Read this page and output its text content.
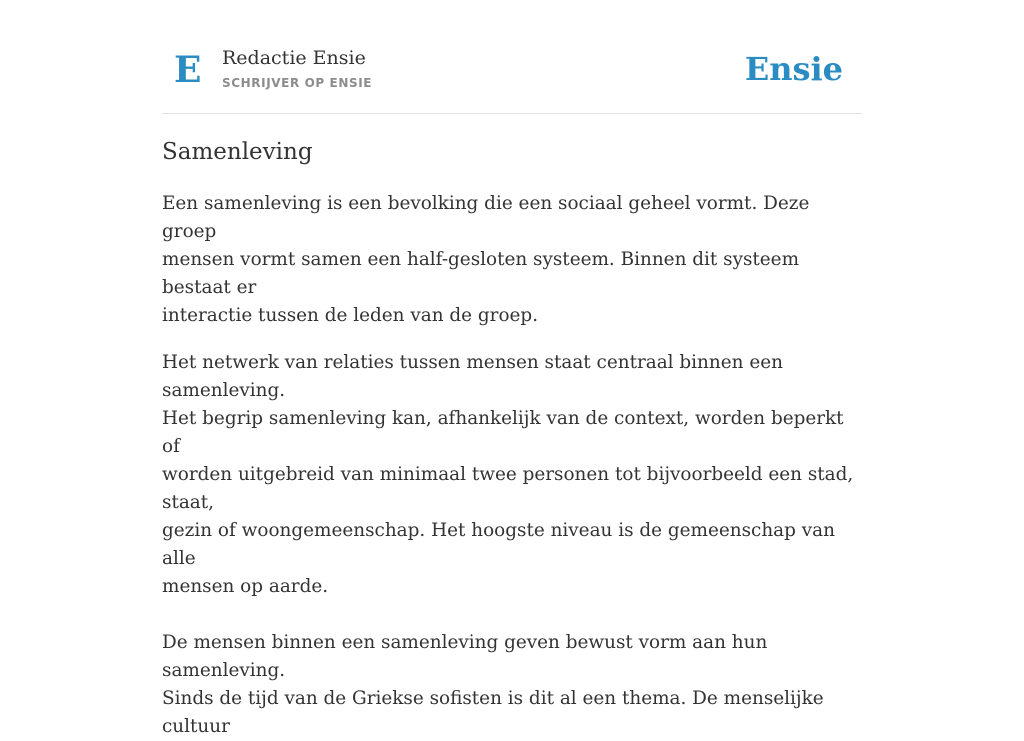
E Redactie Ensie
SCHRIJVER OP ENSIE	Ensie
Samenleving

Een samenleving is een bevolking die een sociaal geheel vormt. Deze groep
mensen vormt samen een half-gesloten systeem. Binnen dit systeem bestaat er
interactie tussen de leden van de groep.

Het netwerk van relaties tussen mensen staat centraal binnen een samenleving.
Het begrip samenleving kan, afhankelijk van de context, worden beperkt of
worden uitgebreid van minimaal twee personen tot bijvoorbeeld een stad, staat,
gezin of woongemeenschap. Het hoogste niveau is de gemeenschap van alle
mensen op aarde.

De mensen binnen een samenleving geven bewust vorm aan hun samenleving.
Sinds de tijd van de Griekse sofisten is dit al een thema. De menselijke cultuur
